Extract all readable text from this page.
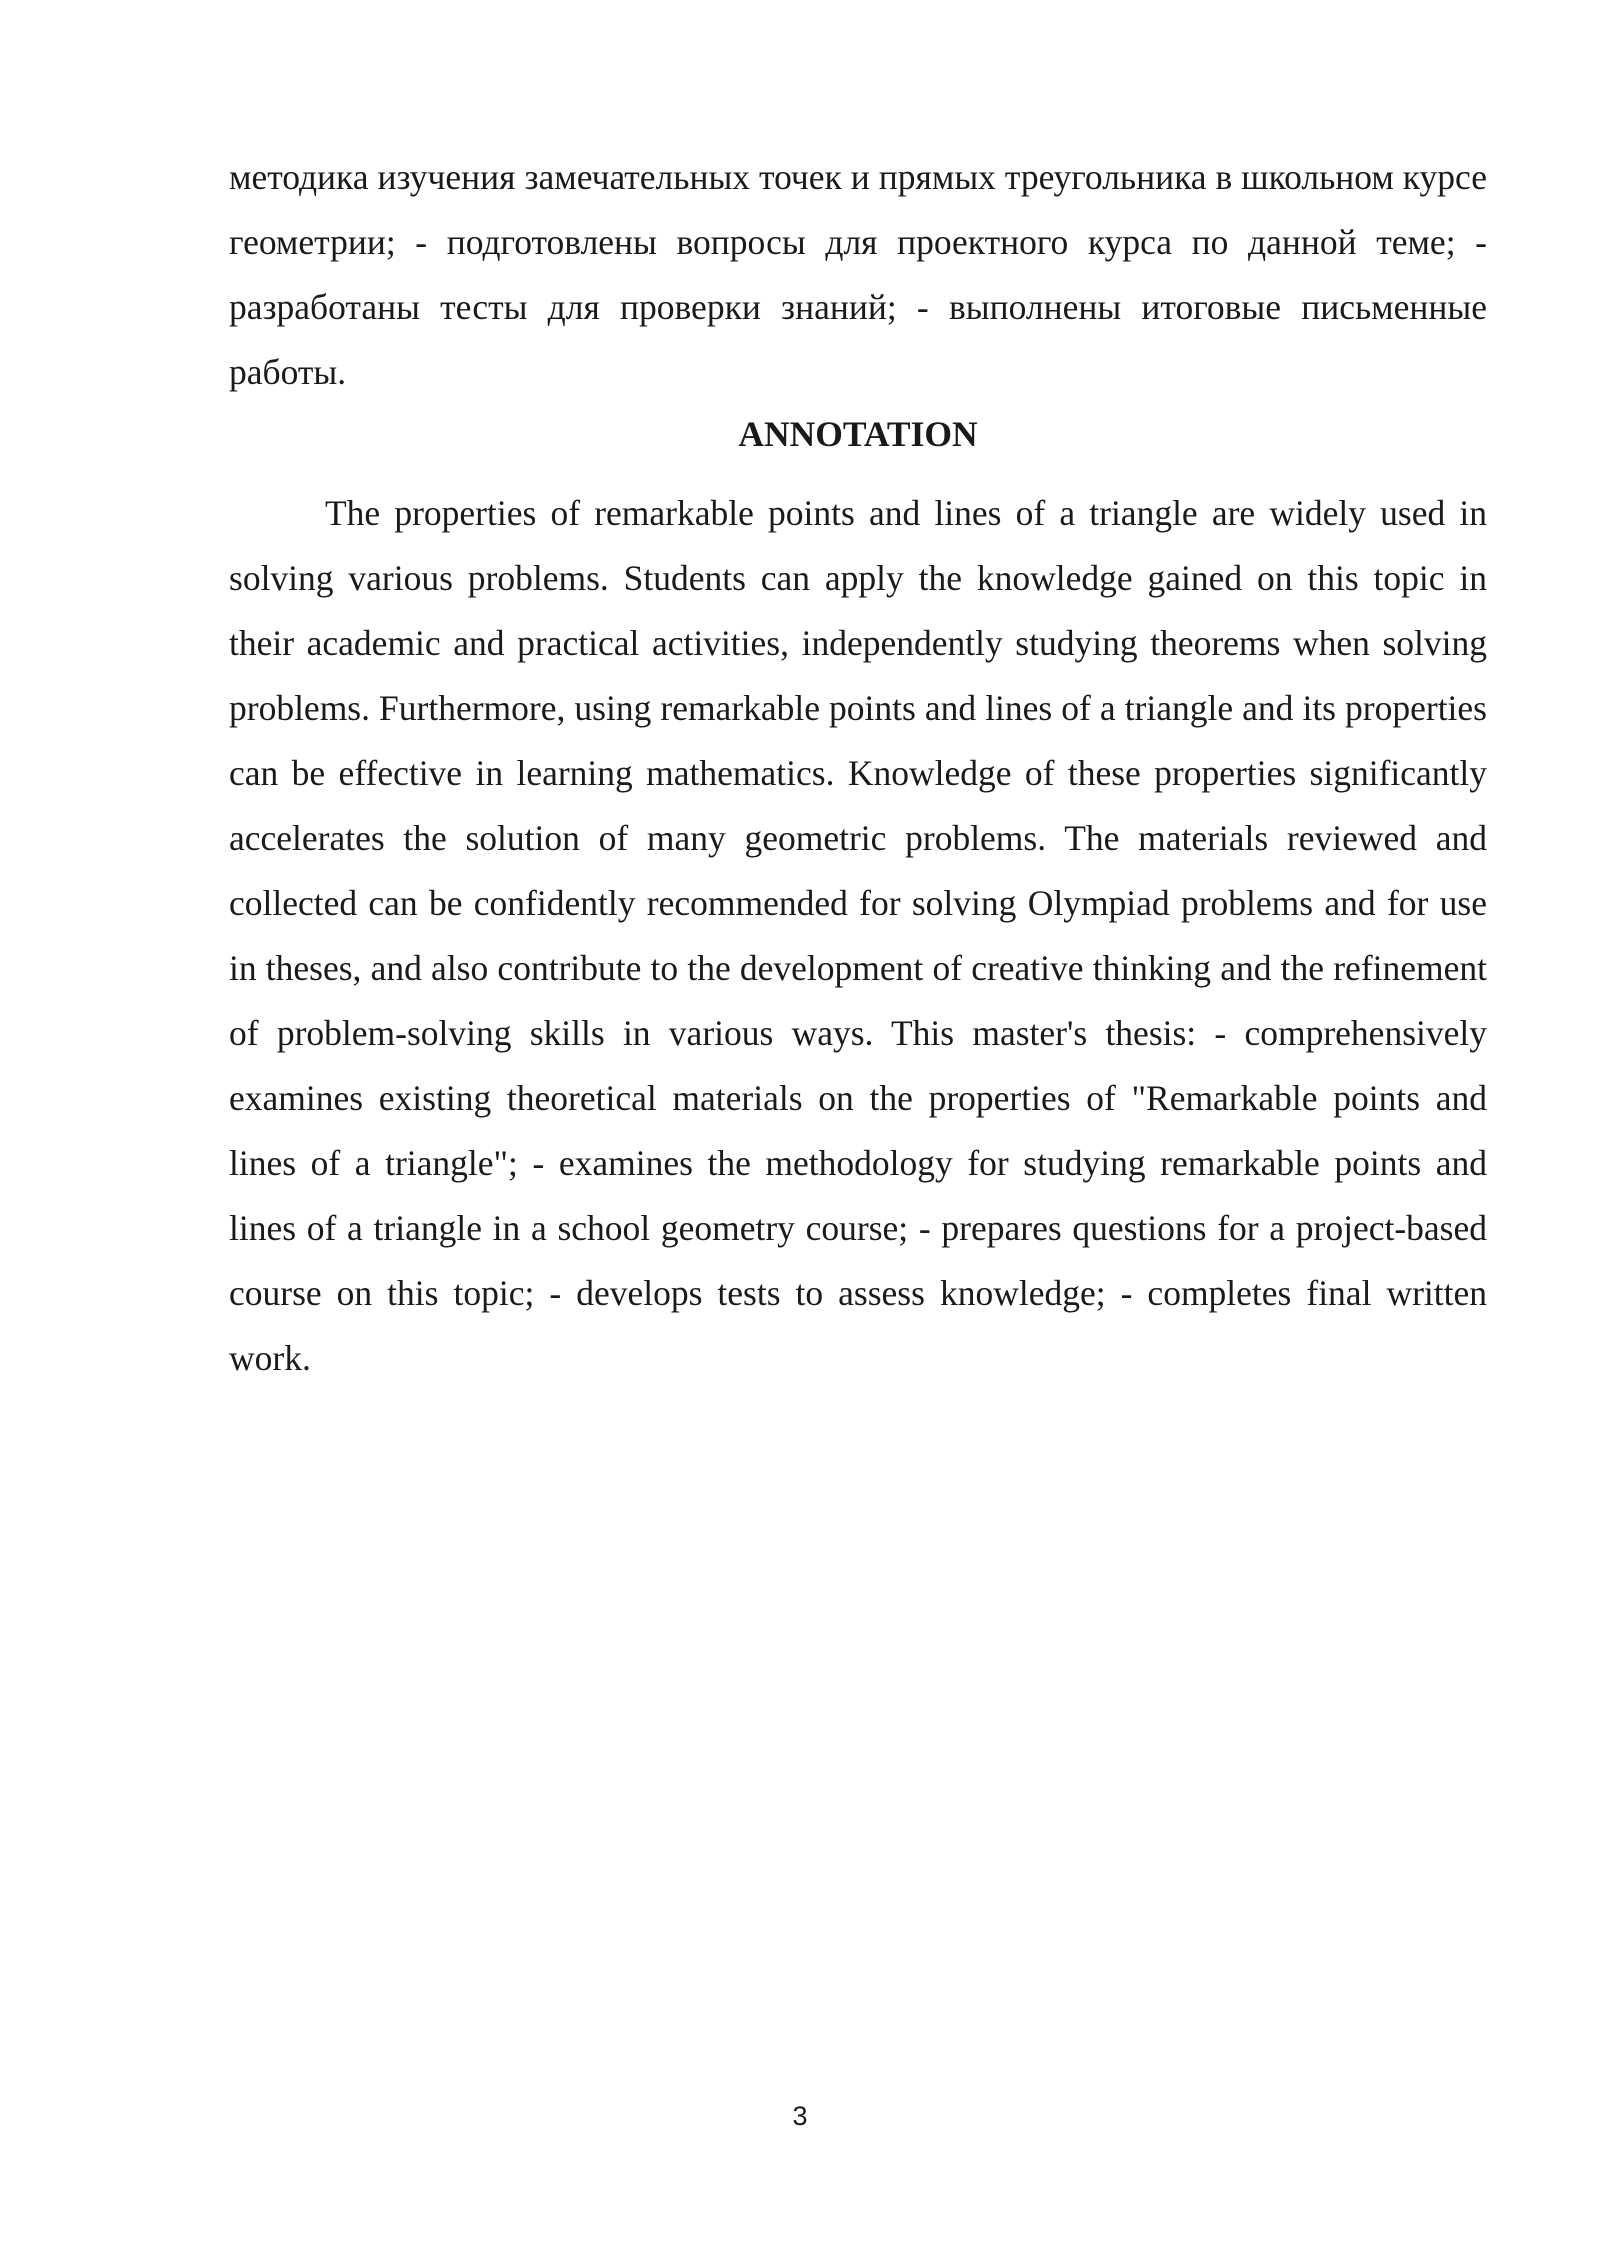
методика изучения замечательных точек и прямых треугольника в школьном курсе геометрии; - подготовлены вопросы для проектного курса по данной теме; - разработаны тесты для проверки знаний; - выполнены итоговые письменные работы.

ANNOTATION

The properties of remarkable points and lines of a triangle are widely used in solving various problems. Students can apply the knowledge gained on this topic in their academic and practical activities, independently studying theorems when solving problems. Furthermore, using remarkable points and lines of a triangle and its properties can be effective in learning mathematics. Knowledge of these properties significantly accelerates the solution of many geometric problems. The materials reviewed and collected can be confidently recommended for solving Olympiad problems and for use in theses, and also contribute to the development of creative thinking and the refinement of problem-solving skills in various ways. This master's thesis: - comprehensively examines existing theoretical materials on the properties of "Remarkable points and lines of a triangle"; - examines the methodology for studying remarkable points and lines of a triangle in a school geometry course; - prepares questions for a project-based course on this topic; - develops tests to assess knowledge; - completes final written work.

3
